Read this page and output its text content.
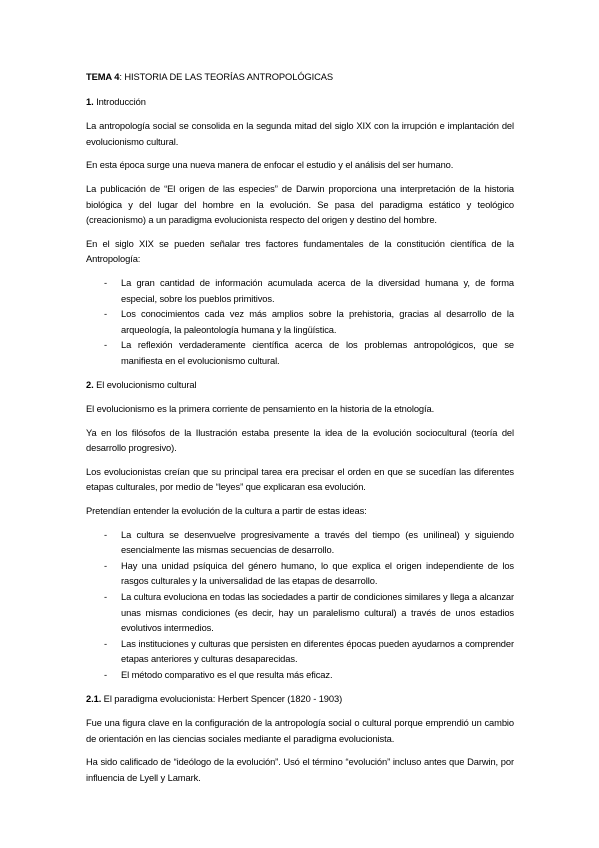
TEMA 4: HISTORIA DE LAS TEORÍAS ANTROPOLÓGICAS

1. Introducción

La antropología social se consolida en la segunda mitad del siglo XIX con la irrupción e implantación del evolucionismo cultural.

En esta época surge una nueva manera de enfocar el estudio y el análisis del ser humano.

La publicación de “El origen de las especies” de Darwin proporciona una interpretación de la historia biológica y del lugar del hombre en la evolución. Se pasa del paradigma estático y teológico (creacionismo) a un paradigma evolucionista respecto del origen y destino del hombre.

En el siglo XIX se pueden señalar tres factores fundamentales de la constitución científica de la Antropología:

- La gran cantidad de información acumulada acerca de la diversidad humana y, de forma especial, sobre los pueblos primitivos.
- Los conocimientos cada vez más amplios sobre la prehistoria, gracias al desarrollo de la arqueología, la paleontología humana y la lingüística.
- La reflexión verdaderamente científica acerca de los problemas antropológicos, que se manifiesta en el evolucionismo cultural.

2. El evolucionismo cultural

El evolucionismo es la primera corriente de pensamiento en la historia de la etnología.

Ya en los filósofos de la Ilustración estaba presente la idea de la evolución sociocultural (teoría del desarrollo progresivo).

Los evolucionistas creían que su principal tarea era precisar el orden en que se sucedían las diferentes etapas culturales, por medio de “leyes” que explicaran esa evolución.

Pretendían entender la evolución de la cultura a partir de estas ideas:

- La cultura se desenvuelve progresivamente a través del tiempo (es unilineal) y siguiendo esencialmente las mismas secuencias de desarrollo.
- Hay una unidad psíquica del género humano, lo que explica el origen independiente de los rasgos culturales y la universalidad de las etapas de desarrollo.
- La cultura evoluciona en todas las sociedades a partir de condiciones similares y llega a alcanzar unas mismas condiciones (es decir, hay un paralelismo cultural) a través de unos estadios evolutivos intermedios.
- Las instituciones y culturas que persisten en diferentes épocas pueden ayudarnos a comprender etapas anteriores y culturas desaparecidas.
- El método comparativo es el que resulta más eficaz.

2.1. El paradigma evolucionista: Herbert Spencer (1820 - 1903)

Fue una figura clave en la configuración de la antropología social o cultural porque emprendió un cambio de orientación en las ciencias sociales mediante el paradigma evolucionista.

Ha sido calificado de “ideólogo de la evolución”. Usó el término “evolución” incluso antes que Darwin, por influencia de Lyell y Lamark.
